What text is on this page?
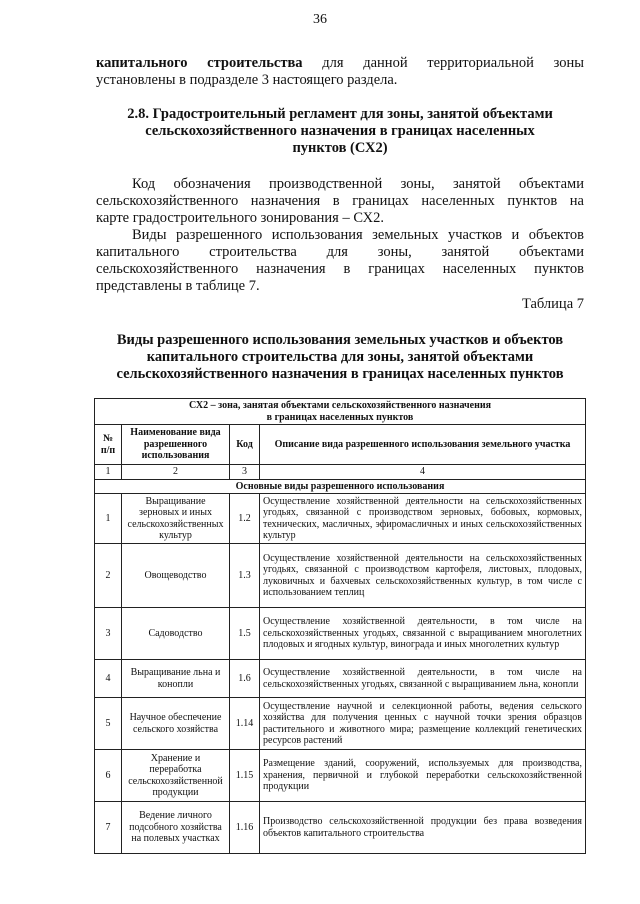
36

капитального строительства для данной территориальной зоны

установлены в подразделе 3 настоящего раздела.

2.8. Градостроительный регламент для зоны, занятой объектами

сельскохозяйственного назначения в границах населенных

пунктов (СХ2)

Код обозначения производственной зоны, занятой объектами

сельскохозяйственного назначения в границах населенных пунктов на

карте градостроительного зонирования – СХ2.

Виды разрешенного использования земельных участков и объектов

капитального строительства для зоны, занятой объектами

сельскохозяйственного назначения в границах населенных пунктов

представлены в таблице 7.

Таблица 7

Виды разрешенного использования земельных участков и объектов

капитального строительства для зоны, занятой объектами

сельскохозяйственного назначения в границах населенных пунктов

СХ2 – зона, занятая объектами сельскохозяйственного назначения
в границах населенных пунктов			

№ п/п	Наименование вида разрешенного использования	Код	Описание вида разрешенного использования земельного участка
1	2	3	4
Основные виды разрешенного использования			
1	Выращивание зерновых и иных сельскохозяйственных культур	1.2	Осуществление хозяйственной деятельности на сельскохозяйственных угодьях, связанной с производством зерновых, бобовых, кормовых, технических, масличных, эфиромасличных и иных сельскохозяйственных культур
2	Овощеводство	1.3	Осуществление хозяйственной деятельности на сельскохозяйственных угодьях, связанной с производством картофеля, листовых, плодовых, луковичных и бахчевых сельскохозяйственных культур, в том числе с использованием теплиц
3	Садоводство	1.5	Осуществление хозяйственной деятельности, в том числе на сельскохозяйственных угодьях, связанной с выращиванием многолетних плодовых и ягодных культур, винограда и иных многолетних культур
4	Выращивание льна и конопли	1.6	Осуществление хозяйственной деятельности, в том числе на сельскохозяйственных угодьях, связанной с выращиванием льна, конопли
5	Научное обеспечение сельского хозяйства	1.14	Осуществление научной и селекционной работы, ведения сельского хозяйства для получения ценных с научной точки зрения образцов растительного и животного мира; размещение коллекций генетических ресурсов растений
6	Хранение и переработка сельскохозяйственной продукции	1.15	Размещение зданий, сооружений, используемых для производства, хранения, первичной и глубокой переработки сельскохозяйственной продукции
7	Ведение личного подсобного хозяйства на полевых участках	1.16	Производство сельскохозяйственной продукции без права возведения объектов капитального строительства
